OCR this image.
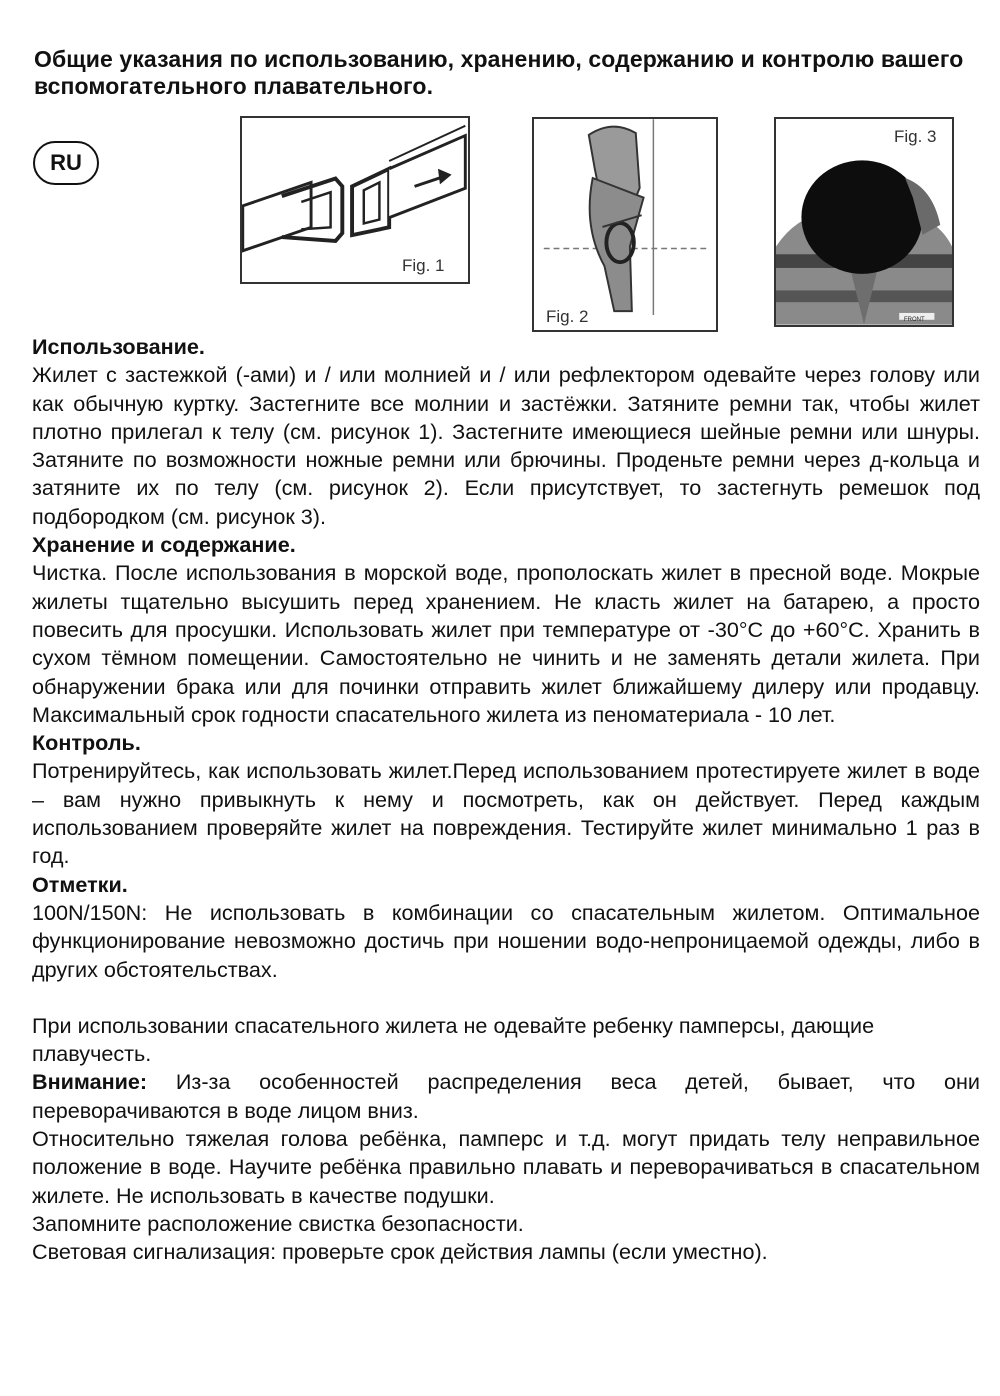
Общие указания по использованию, хранению, содержанию и контролю вашего вспомогательного плавательного.
RU
Fig. 1
Fig. 2
Fig. 3
FRONT
Использование.

Жилет с застежкой (-ами) и / или молнией и / или рефлектором одевайте через голову или как обычную куртку. Застегните все молнии и застёжки. Затяните ремни так, чтобы жилет плотно прилегал к телу (см. рисунок 1). Застегните имеющиеся шейные ремни или шнуры. Затяните по возможности ножные ремни или брючины. Проденьте ремни через д-кольца и затяните их по телу (см. рисунок 2). Если присутствует, то застегнуть ремешок под подбородком (см. рисунок 3).

Хранение и содержание.

Чистка. После использования в морской воде, прополоскать жилет в пресной воде. Мокрые жилеты тщательно высушить перед хранением. Не класть жилет на батарею, а просто повесить для просушки. Использовать жилет при температуре от -30°С до +60°С. Хранить в сухом тёмном помещении. Самостоятельно не чинить и не заменять детали жилета. При обнаружении брака или для починки отправить жилет ближайшему дилеру или продавцу. Максимальный срок годности спасательного жилета из пеноматериала - 10 лет.

Контроль.

Потренируйтесь, как использовать жилет.Перед использованием протестируете жилет в воде – вам нужно привыкнуть к нему и посмотреть, как он действует. Перед каждым использованием проверяйте жилет на повреждения. Тестируйте жилет минимально 1 раз в год.

Отметки.

100N/150N: Не использовать в комбинации со спасательным жилетом. Оптимальное функционирование невозможно достичь при ношении водо-непроницаемой одежды, либо в других обстоятельствах.

При использовании спасательного жилета не одевайте ребенку памперсы, дающие плавучесть.

Внимание: Из-за особенностей распределения веса детей, бывает, что они переворачиваются в воде лицом вниз.

Относительно тяжелая голова ребёнка, памперс и т.д. могут придать телу неправильное положение в воде. Научите ребёнка правильно плавать и переворачиваться в спасательном жилете. Не использовать в качестве подушки.

Запомните расположение свистка безопасности.

Световая сигнализация: проверьте срок действия лампы (если уместно).
